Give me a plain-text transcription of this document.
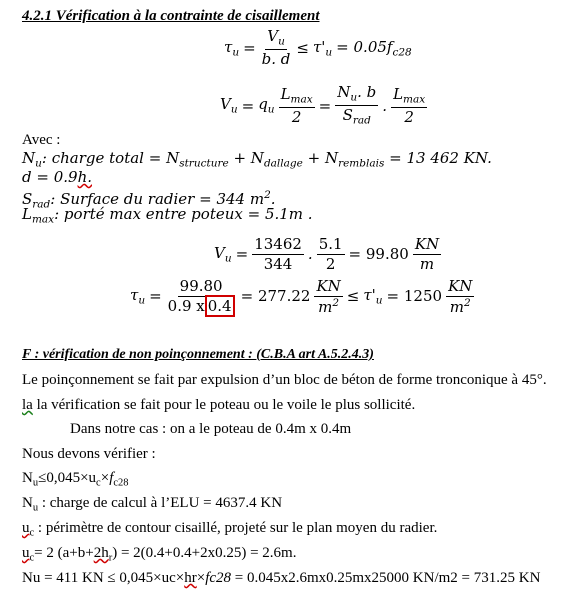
4.2.1 Vérification à la contrainte de cisaillement
$\tau_u = \frac{V_u}{b. d} \le \tau'_u = 0.05f_{c28}$
$V_u = q_u \frac{L_{max}}{2} = \frac{N_u. b}{S_{rad}}$ . $\frac{L_{max}}{2}$
Avec :
$N_u$: charge total = $N_{structure} + N_{dallage} + N_{remblais} = 13$ 462 KN.
d = 0.9h.
$S_{rad}$: Surface du radier = 344 $m^2$.
$L_{max}$: porté max entre poteux = 5.1m .
$V_u = \frac{13462}{344}$ . $\frac{5.1}{2} = 99.80 \frac{KN}{m}$
$\tau_u = \frac{99.80}{0.9 x 0.4} = 277.22 \frac{KN}{m^2} \le \tau'_u = 1250 \frac{KN}{m^2}$
F : vérification de non poinçonnement : (C.B.A art A.5.2.4.3)
Le poinçonnement se fait par expulsion d’un bloc de béton de forme tronconique à 45°.
la la vérification se fait pour le poteau ou le voile le plus sollicité.
Dans notre cas : on a le poteau de 0.4m x 0.4m
Nous devons vérifier :
$N_u\le 0,045\times u_c\times f_{c28}$
$N_u$ : charge de calcul à l’ELU = 4637.4 KN
$u_c$ : périmètre de contour cisaillé, projeté sur le plan moyen du radier.
$u_c= 2$ $(a+b+2h_r) = 2(0.4+0.4+2x0.25) = 2.6m$.
Nu = 411 KN ≤ 0,045×uc×hr×fc28 = 0.045x2.6mx0.25mx25000 KN/m2 = 731.25 KN
